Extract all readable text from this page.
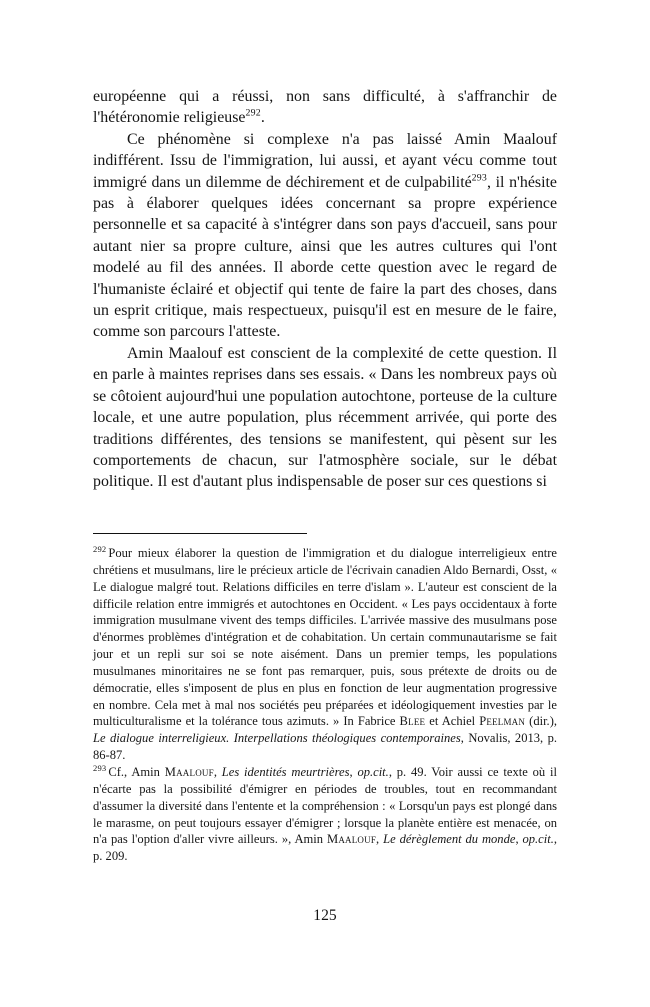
européenne qui a réussi, non sans difficulté, à s'affranchir de l'hétéronomie religieuse$^{292}$.

Ce phénomène si complexe n'a pas laissé Amin Maalouf indifférent. Issu de l'immigration, lui aussi, et ayant vécu comme tout immigré dans un dilemme de déchirement et de culpabilité$^{293}$, il n'hésite pas à élaborer quelques idées concernant sa propre expérience personnelle et sa capacité à s'intégrer dans son pays d'accueil, sans pour autant nier sa propre culture, ainsi que les autres cultures qui l'ont modelé au fil des années. Il aborde cette question avec le regard de l'humaniste éclairé et objectif qui tente de faire la part des choses, dans un esprit critique, mais respectueux, puisqu'il est en mesure de le faire, comme son parcours l'atteste.

Amin Maalouf est conscient de la complexité de cette question. Il en parle à maintes reprises dans ses essais. « Dans les nombreux pays où se côtoient aujourd'hui une population autochtone, porteuse de la culture locale, et une autre population, plus récemment arrivée, qui porte des traditions différentes, des tensions se manifestent, qui pèsent sur les comportements de chacun, sur l'atmosphère sociale, sur le débat politique. Il est d'autant plus indispensable de poser sur ces questions si

$^{292}$ Pour mieux élaborer la question de l'immigration et du dialogue interreligieux entre chrétiens et musulmans, lire le précieux article de l'écrivain canadien Aldo Bernardi, Osst, « Le dialogue malgré tout. Relations difficiles en terre d'islam ». L'auteur est conscient de la difficile relation entre immigrés et autochtones en Occident. « Les pays occidentaux à forte immigration musulmane vivent des temps difficiles. L'arrivée massive des musulmans pose d'énormes problèmes d'intégration et de cohabitation. Un certain communautarisme se fait jour et un repli sur soi se note aisément. Dans un premier temps, les populations musulmanes minoritaires ne se font pas remarquer, puis, sous prétexte de droits ou de démocratie, elles s'imposent de plus en plus en fonction de leur augmentation progressive en nombre. Cela met à mal nos sociétés peu préparées et idéologiquement investies par le multiculturalisme et la tolérance tous azimuts. » In Fabrice Blee et Achiel Peelman (dir.), Le dialogue interreligieux. Interpellations théologiques contemporaines, Novalis, 2013, p. 86-87.

$^{293}$ Cf., Amin Maalouf, Les identités meurtrières, op.cit., p. 49. Voir aussi ce texte où il n'écarte pas la possibilité d'émigrer en périodes de troubles, tout en recommandant d'assumer la diversité dans l'entente et la compréhension : « Lorsqu'un pays est plongé dans le marasme, on peut toujours essayer d'émigrer ; lorsque la planète entière est menacée, on n'a pas l'option d'aller vivre ailleurs. », Amin Maalouf, Le dérèglement du monde, op.cit., p. 209.

125
